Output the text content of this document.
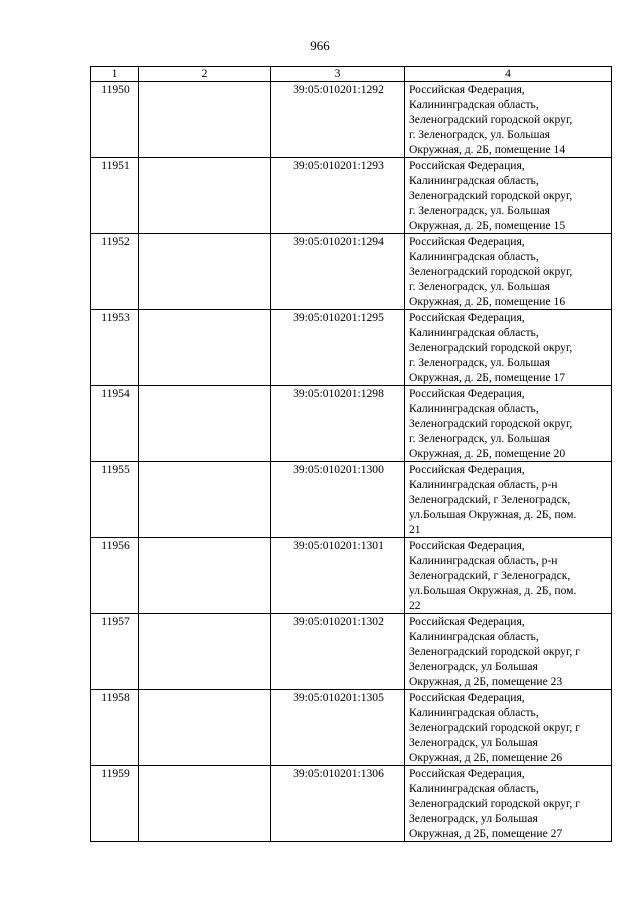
966
1	2	3	4
11950		39:05:010201:1292	Российская Федерация,
Калининградская область,
Зеленоградский городской округ,
г. Зеленоградск, ул. Большая
Окружная, д. 2Б, помещение 14
11951		39:05:010201:1293	Российская Федерация,
Калининградская область,
Зеленоградский городской округ,
г. Зеленоградск, ул. Большая
Окружная, д. 2Б, помещение 15
11952		39:05:010201:1294	Российская Федерация,
Калининградская область,
Зеленоградский городской округ,
г. Зеленоградск, ул. Большая
Окружная, д. 2Б, помещение 16
11953		39:05:010201:1295	Российская Федерация,
Калининградская область,
Зеленоградский городской округ,
г. Зеленоградск, ул. Большая
Окружная, д. 2Б, помещение 17
11954		39:05:010201:1298	Российская Федерация,
Калининградская область,
Зеленоградский городской округ,
г. Зеленоградск, ул. Большая
Окружная, д. 2Б, помещение 20
11955		39:05:010201:1300	Российская Федерация,
Калининградская область, р-н
Зеленоградский, г Зеленоградск,
ул.Большая Окружная, д. 2Б, пом.
21
11956		39:05:010201:1301	Российская Федерация,
Калининградская область, р-н
Зеленоградский, г Зеленоградск,
ул.Большая Окружная, д. 2Б, пом.
22
11957		39:05:010201:1302	Российская Федерация,
Калининградская область,
Зеленоградский городской округ, г
Зеленоградск, ул Большая
Окружная, д 2Б, помещение 23
11958		39:05:010201:1305	Российская Федерация,
Калининградская область,
Зеленоградский городской округ, г
Зеленоградск, ул Большая
Окружная, д 2Б, помещение 26
11959		39:05:010201:1306	Российская Федерация,
Калининградская область,
Зеленоградский городской округ, г
Зеленоградск, ул Большая
Окружная, д 2Б, помещение 27
